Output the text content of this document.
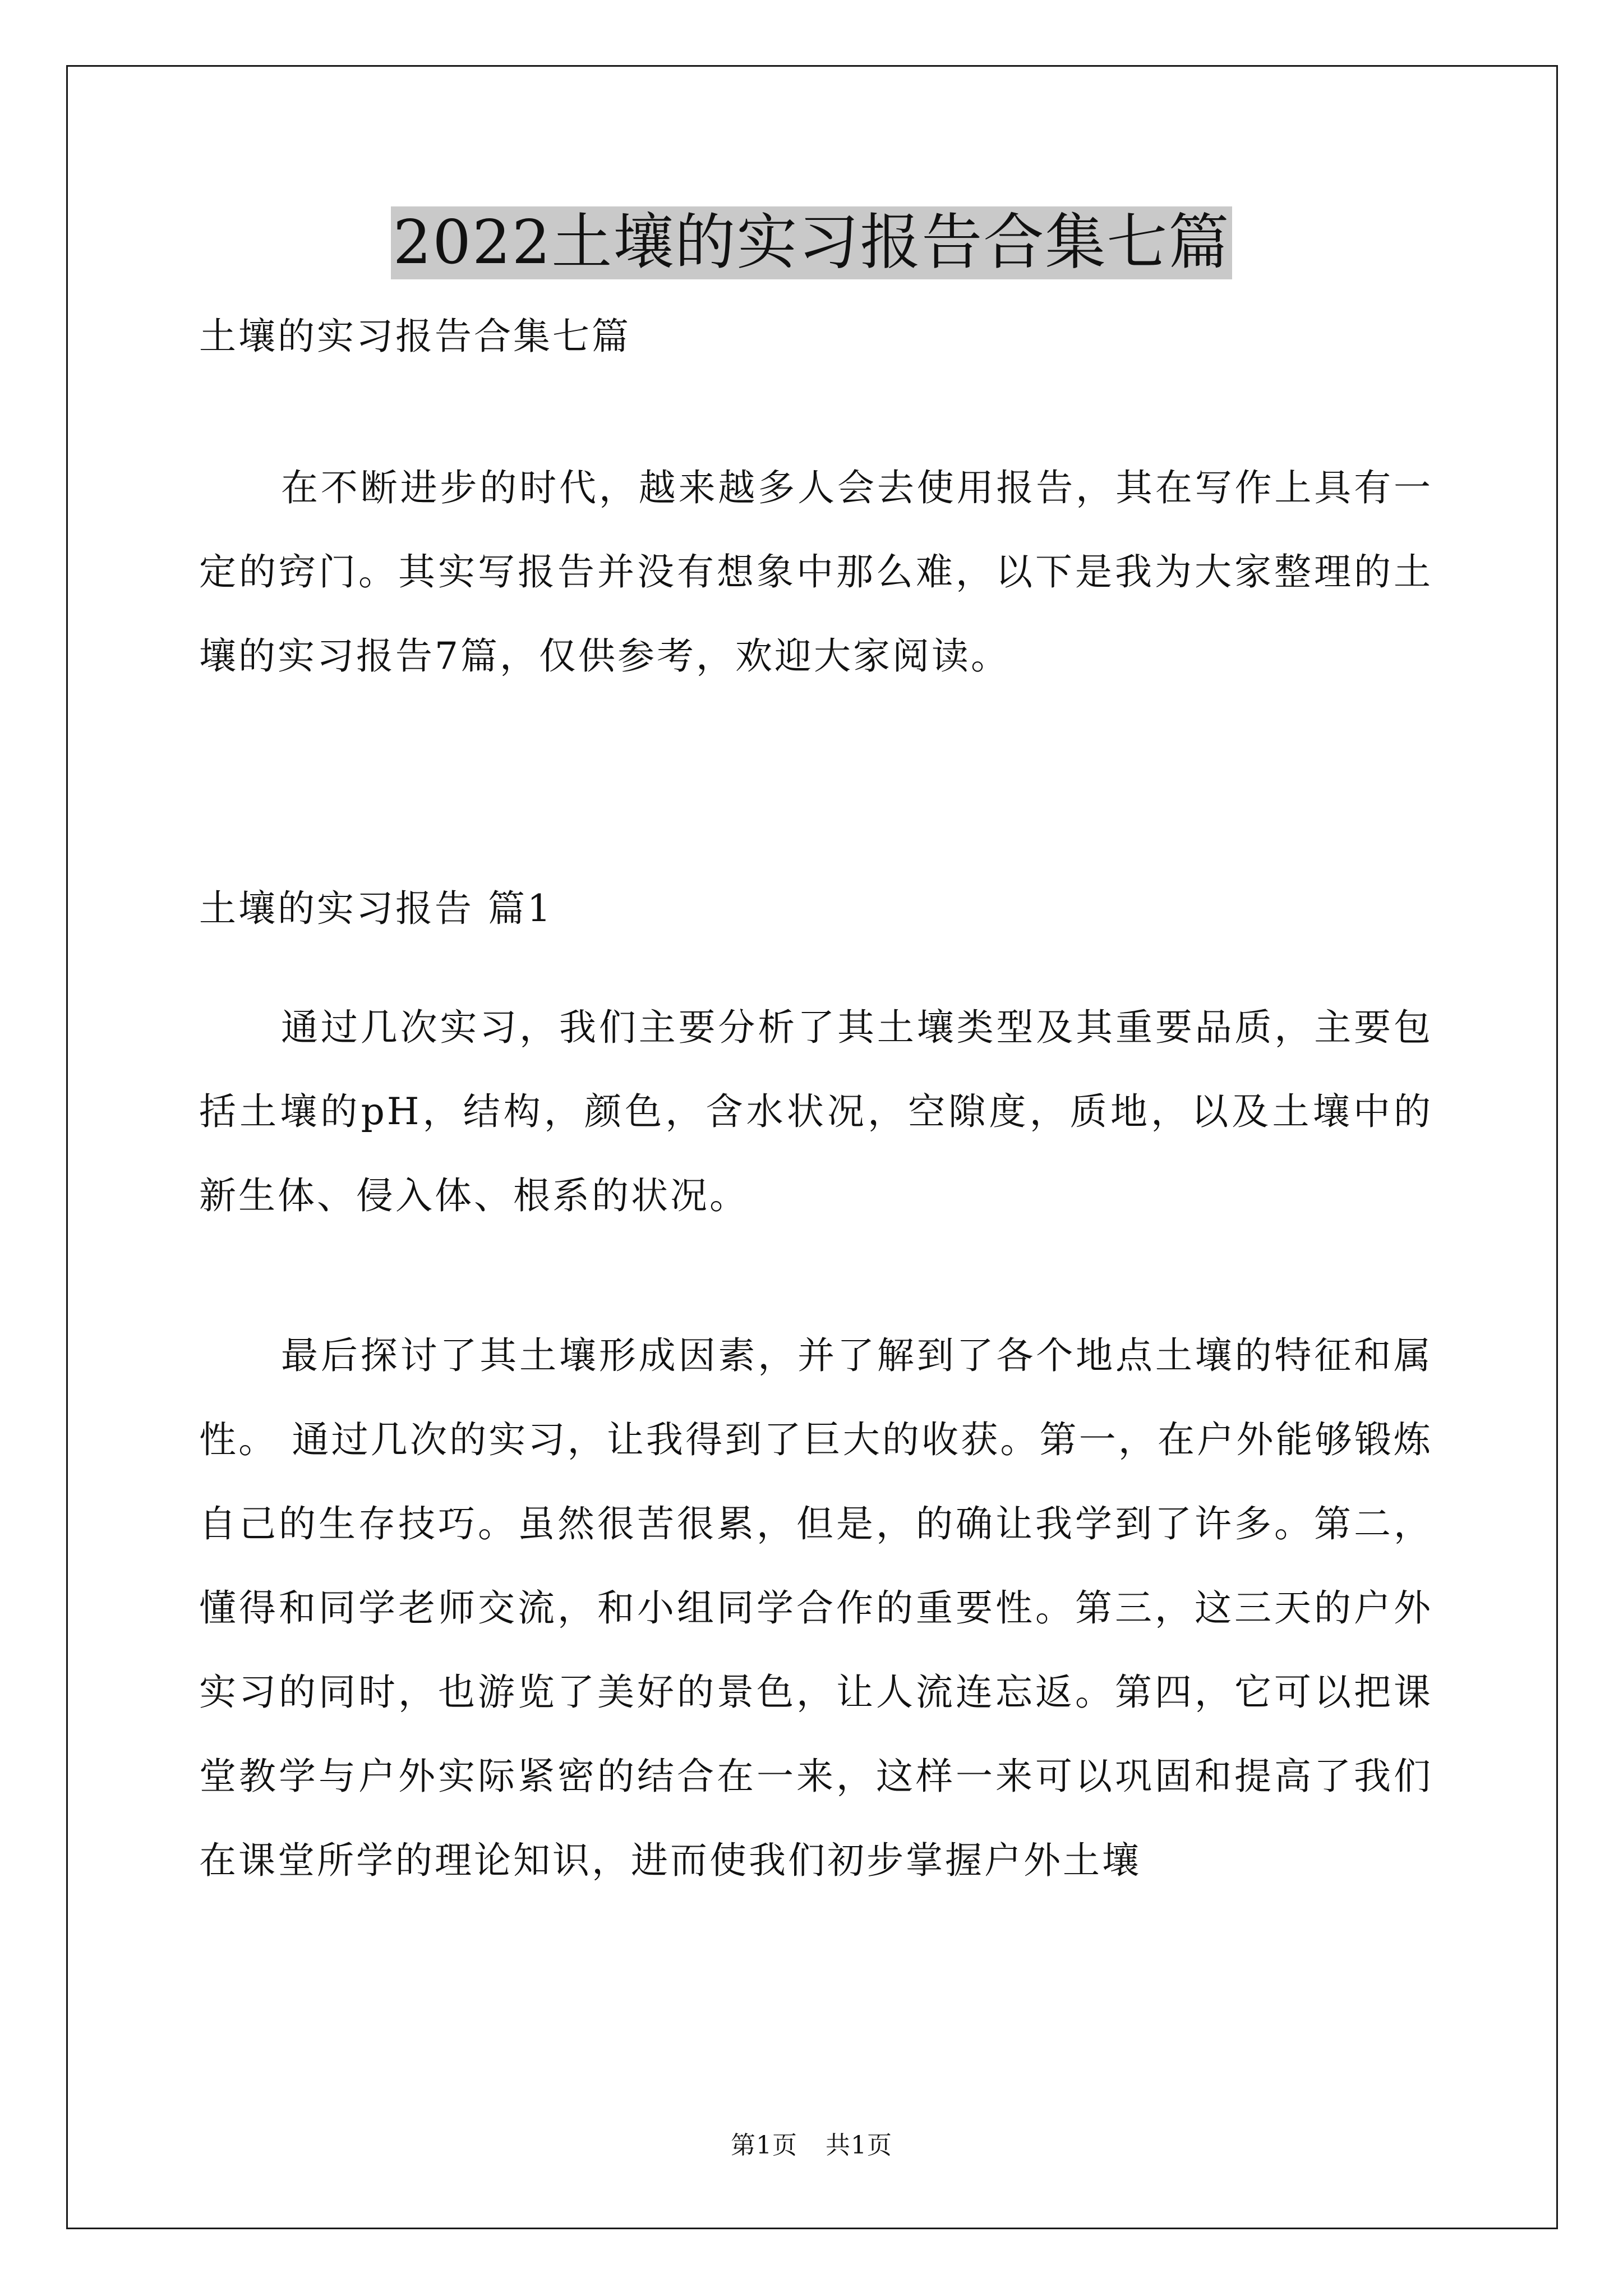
2022土壤的实习报告合集七篇
土壤的实习报告合集七篇
在不断进步的时代，越来越多人会去使用报告，其在写作上具有一定的窍门。其实写报告并没有想象中那么难，以下是我为大家整理的土壤的实习报告7篇，仅供参考，欢迎大家阅读。
土壤的实习报告 篇1
通过几次实习，我们主要分析了其土壤类型及其重要品质，主要包括土壤的pH，结构，颜色，含水状况，空隙度，质地，以及土壤中的新生体、侵入体、根系的状况。
最后探讨了其土壤形成因素，并了解到了各个地点土壤的特征和属性。 通过几次的实习，让我得到了巨大的收获。第一，在户外能够锻炼自己的生存技巧。虽然很苦很累，但是，的确让我学到了许多。第二，懂得和同学老师交流，和小组同学合作的重要性。第三，这三天的户外实习的同时，也游览了美好的景色，让人流连忘返。第四，它可以把课堂教学与户外实际紧密的结合在一来，这样一来可以巩固和提高了我们在课堂所学的理论知识，进而使我们初步掌握户外土壤
第1页 共1页
